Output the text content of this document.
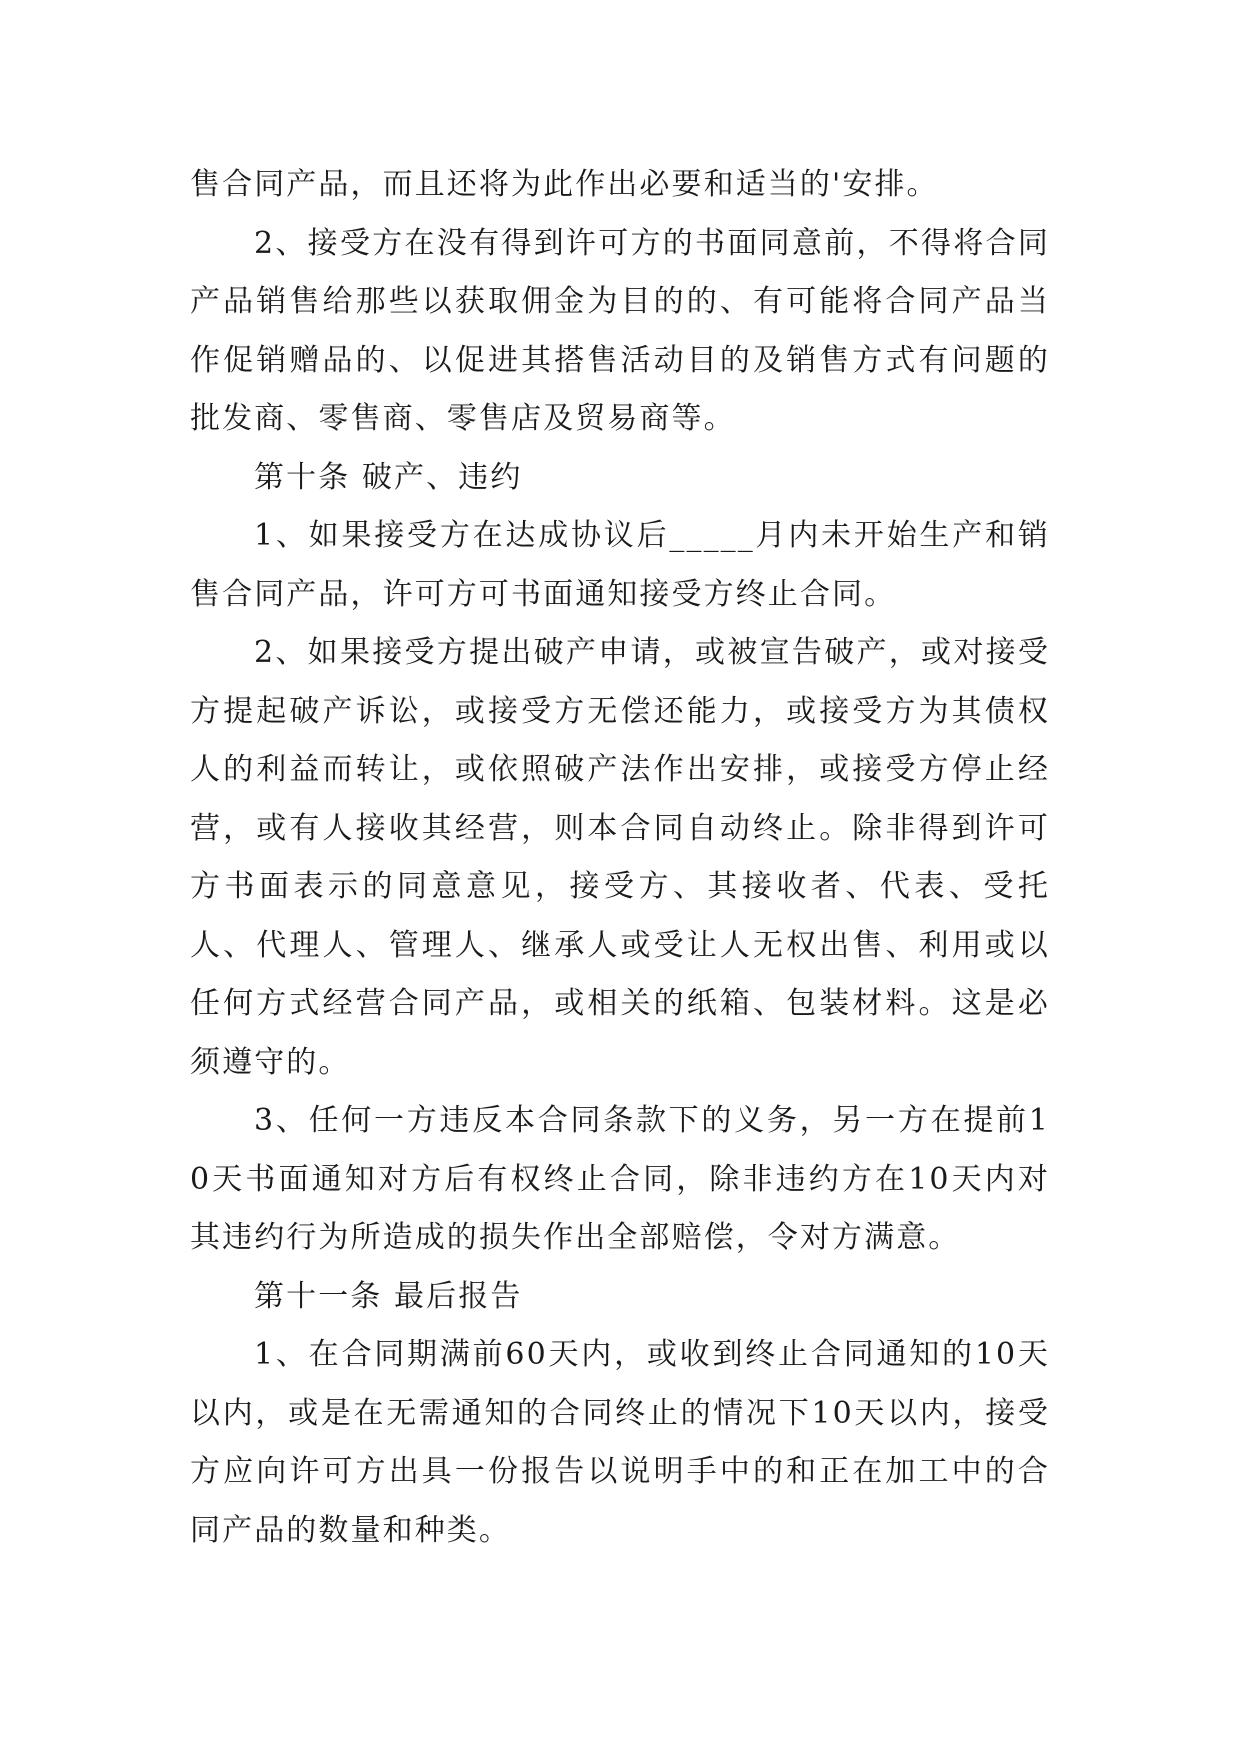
售合同产品，而且还将为此作出必要和适当的'安排。

2、接受方在没有得到许可方的书面同意前，不得将合同产品销售给那些以获取佣金为目的的、有可能将合同产品当作促销赠品的、以促进其搭售活动目的及销售方式有问题的批发商、零售商、零售店及贸易商等。

第十条 破产、违约

1、如果接受方在达成协议后_____月内未开始生产和销售合同产品，许可方可书面通知接受方终止合同。

2、如果接受方提出破产申请，或被宣告破产，或对接受方提起破产诉讼，或接受方无偿还能力，或接受方为其债权人的利益而转让，或依照破产法作出安排，或接受方停止经营，或有人接收其经营，则本合同自动终止。除非得到许可方书面表示的同意意见，接受方、其接收者、代表、受托人、代理人、管理人、继承人或受让人无权出售、利用或以任何方式经营合同产品，或相关的纸箱、包装材料。这是必须遵守的。

3、任何一方违反本合同条款下的义务，另一方在提前10天书面通知对方后有权终止合同，除非违约方在10天内对其违约行为所造成的损失作出全部赔偿，令对方满意。

第十一条 最后报告

1、在合同期满前60天内，或收到终止合同通知的10天以内，或是在无需通知的合同终止的情况下10天以内，接受方应向许可方出具一份报告以说明手中的和正在加工中的合同产品的数量和种类。
